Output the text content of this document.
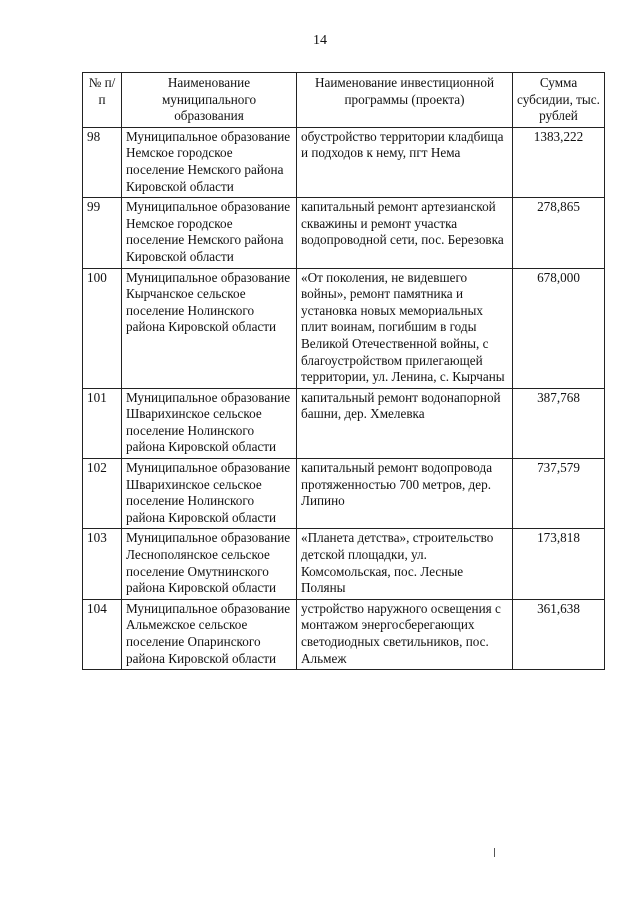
14
№ п/п	Наименование муниципального образования	Наименование инвестиционной программы (проекта)	Сумма субсидии, тыс. рублей
98	Муниципальное образование Немское городское поселение Немского района Кировской области	обустройство территории кладбища и подходов к нему, пгт Нема	1383,222
99	Муниципальное образование Немское городское поселение Немского района Кировской области	капитальный ремонт артезианской скважины и ремонт участка водопроводной сети, пос. Березовка	278,865
100	Муниципальное образование Кырчанское сельское поселение Нолинского района Кировской области	«От поколения, не видевшего войны», ремонт памятника и установка новых мемориальных плит воинам, погибшим в годы Великой Отечественной войны, с благоустройством прилегающей территории, ул. Ленина, с. Кырчаны	678,000
101	Муниципальное образование Шварихинское сельское поселение Нолинского района Кировской области	капитальный ремонт водонапорной башни, дер. Хмелевка	387,768
102	Муниципальное образование Шварихинское сельское поселение Нолинского района Кировской области	капитальный ремонт водопровода протяженностью 700 метров, дер. Липино	737,579
103	Муниципальное образование Леснополянское сельское поселение Омутнинского района Кировской области	«Планета детства», строительство детской площадки, ул. Комсомольская, пос. Лесные Поляны	173,818
104	Муниципальное образование Альмежское сельское поселение Опаринского района Кировской области	устройство наружного освещения с монтажом энергосберегающих светодиодных светильников, пос. Альмеж	361,638
